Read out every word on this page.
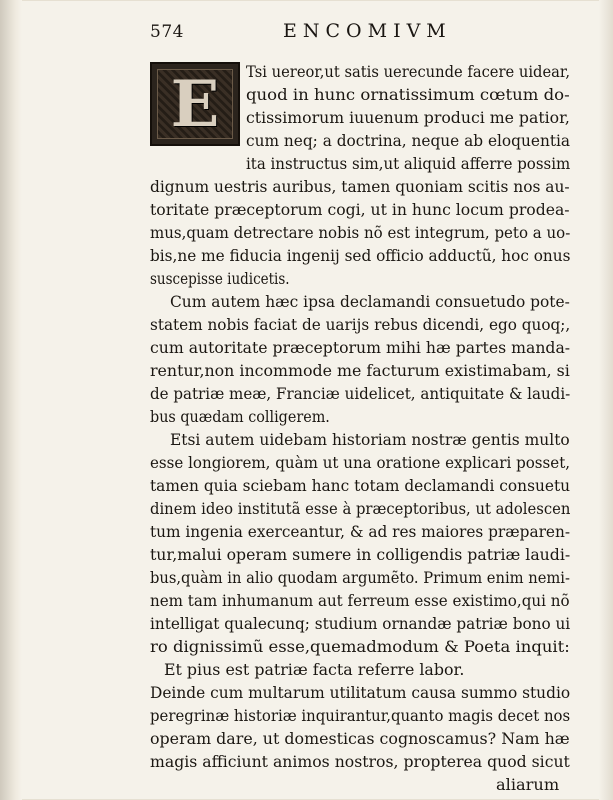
574	ENCOMIVM
E	Tsi uereor,ut satis uerecunde facere uidear,
quod in hunc ornatissimum cœtum do-
ctissimorum iuuenum produci me patior,
cum neq; a doctrina, neque ab eloquentia
ita instructus sim,ut aliquid afferre possim
dignum uestris auribus, tamen quoniam scitis nos au-
toritate præceptorum cogi, ut in hunc locum prodea-
mus,quam detrectare nobis nõ est integrum, peto a uo-
bis,ne me fiducia ingenij sed officio adductũ, hoc onus
suscepisse iudicetis.
Cum autem hæc ipsa declamandi consuetudo pote-
statem nobis faciat de uarijs rebus dicendi, ego quoq;,
cum autoritate præceptorum mihi hæ partes manda-
rentur,non incommode me facturum existimabam, si
de patriæ meæ, Franciæ uidelicet, antiquitate & laudi-
bus quædam colligerem.
Etsi autem uidebam historiam nostræ gentis multo
esse longiorem, quàm ut una oratione explicari posset,
tamen quia sciebam hanc totam declamandi consuetu
dinem ideo institutã esse à præceptoribus, ut adolescen
tum ingenia exerceantur, & ad res maiores præparen-
tur,malui operam sumere in colligendis patriæ laudi-
bus,quàm in alio quodam argumẽto. Primum enim nemi-
nem tam inhumanum aut ferreum esse existimo,qui nõ
intelligat qualecunq; studium ornandæ patriæ bono ui
ro dignissimũ esse,quemadmodum & Poeta inquit:
Et pius est patriæ facta referre labor.
Deinde cum multarum utilitatum causa summo studio
peregrinæ historiæ inquirantur,quanto magis decet nos
operam dare, ut domesticas cognoscamus? Nam hæ
magis afficiunt animos nostros, propterea quod sicut
aliarum
